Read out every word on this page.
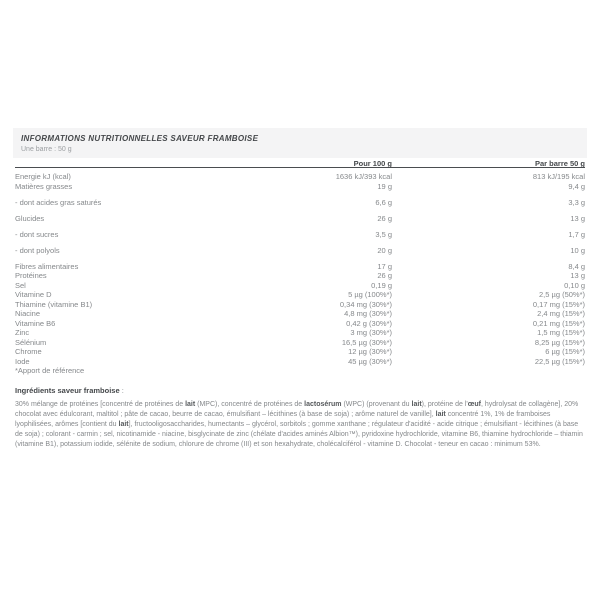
INFORMATIONS NUTRITIONNELLES SAVEUR FRAMBOISE
Une barre : 50 g
Pour 100 g	Par barre 50 g
Energie kJ (kcal)	1636 kJ/393 kcal	813 kJ/195 kcal
Matières grasses	19 g	9,4 g
- dont acides gras saturés	6,6 g	3,3 g
Glucides	26 g	13 g
- dont sucres	3,5 g	1,7 g
- dont polyols	20 g	10 g
Fibres alimentaires	17 g	8,4 g
Protéines	26 g	13 g
Sel	0,19 g	0,10 g
Vitamine D	5 µg (100%*)	2,5 µg (50%*)
Thiamine (vitamine B1)	0,34 mg (30%*)	0,17 mg (15%*)
Niacine	4,8 mg (30%*)	2,4 mg (15%*)
Vitamine B6	0,42 g (30%*)	0,21 mg (15%*)
Zinc	3 mg (30%*)	1,5 mg (15%*)
Sélénium	16,5 µg (30%*)	8,25 µg (15%*)
Chrome	12 µg (30%*)	6 µg (15%*)
Iode	45 µg (30%*)	22,5 µg (15%*)
*Apport de référence
Ingrédients saveur framboise :
30% mélange de protéines [concentré de protéines de lait (MPC), concentré de protéines de lactosérum (WPC) (provenant du lait), protéine de l'œuf, hydrolysat de collagène], 20% chocolat avec édulcorant, maltitol ; pâte de cacao, beurre de cacao, émulsifiant – lécithines (à base de soja) ; arôme naturel de vanille], lait concentré 1%, 1% de framboises lyophilisées, arômes [contient du lait], fructooligosaccharides, humectants – glycérol, sorbitols ; gomme xanthane ; régulateur d'acidité - acide citrique ; émulsifiant - lécithines (à base de soja) ; colorant - carmin ; sel, nicotinamide - niacine, bisglycinate de zinc (chélate d'acides aminés Albion™), pyridoxine hydrochloride, vitamine B6, thiamine hydrochloride – thiamin (vitamine B1), potassium iodide, sélénite de sodium, chlorure de chrome (III) et son hexahydrate, cholécalciférol - vitamine D. Chocolat - teneur en cacao : minimum 53%.
